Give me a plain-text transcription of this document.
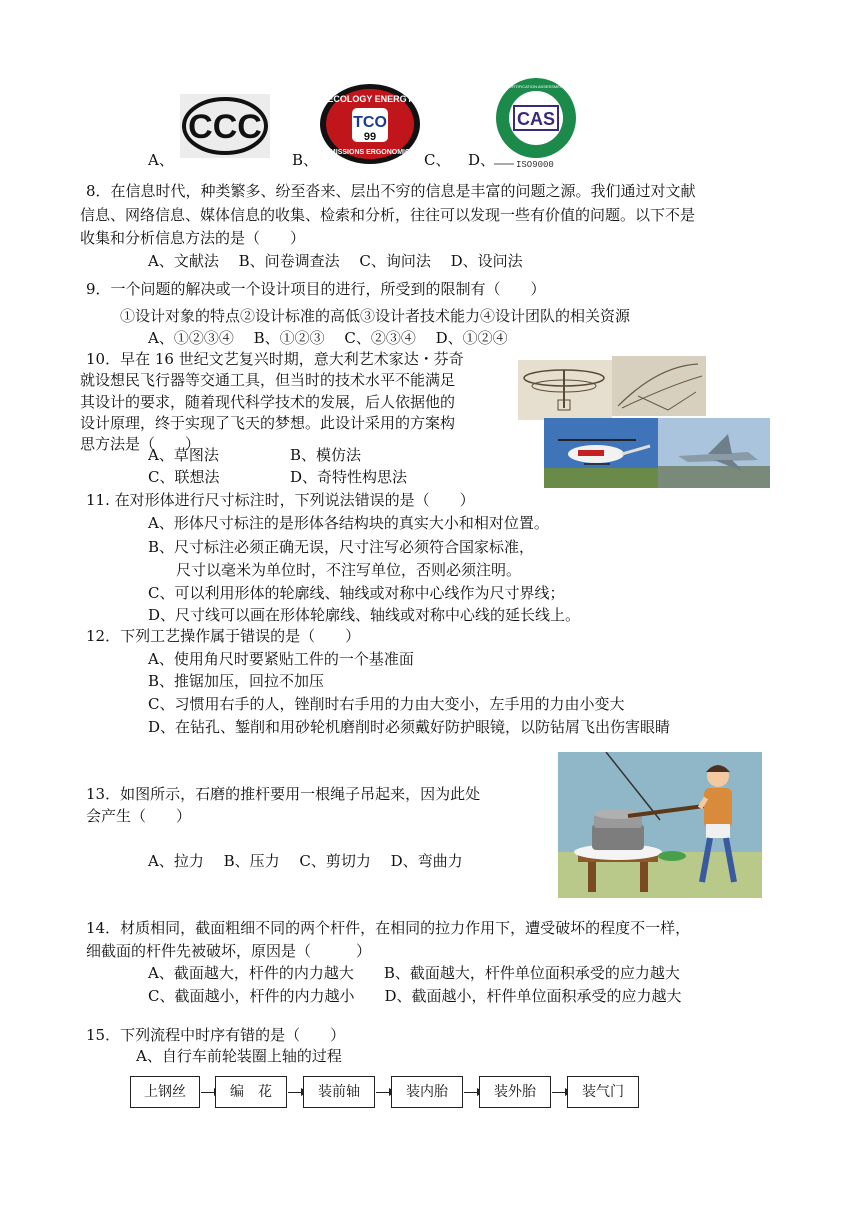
CCC
A、
TCO
99
ECOLOGY ENERGY
EMISSIONS ERGONOMICS
B、	C、
CAS
CHAMBER CERTIFICATION ASSESSMENT SERVICES
ISO9000
D、
8．在信息时代，种类繁多、纷至沓来、层出不穷的信息是丰富的问题之源。我们通过对文献
信息、网络信息、媒体信息的收集、检索和分析，往往可以发现一些有价值的问题。以下不是
收集和分析信息方法的是（　　）
A、文献法　 B、问卷调查法　 C、询问法　 D、设问法
9．一个问题的解决或一个设计项目的进行，所受到的限制有（　　）
①设计对象的特点②设计标准的高低③设计者技术能力④设计团队的相关资源
A、①②③④　 B、①②③　 C、②③④　 D、①②④
10．早在 16 世纪文艺复兴时期，意大利艺术家达・芬奇
就设想民飞行器等交通工具，但当时的技术水平不能满足
其设计的要求，随着现代科学技术的发展，后人依据他的
设计原理，终于实现了飞天的梦想。此设计采用的方案构
思方法是（　　）
A、草图法	B、模仿法
C、联想法	D、奇特性构思法
11. 在对形体进行尺寸标注时，下列说法错误的是（　　）
A、形体尺寸标注的是形体各结构块的真实大小和相对位置。
B、尺寸标注必须正确无误，尺寸注写必须符合国家标准，
尺寸以毫米为单位时，不注写单位，否则必须注明。
C、可以利用形体的轮廓线、轴线或对称中心线作为尺寸界线；
D、尺寸线可以画在形体轮廓线、轴线或对称中心线的延长线上。
12．下列工艺操作属于错误的是（　　）
A、使用角尺时要紧贴工件的一个基准面
B、推锯加压，回拉不加压
C、习惯用右手的人，锉削时右手用的力由大变小，左手用的力由小变大
D、在钻孔、錾削和用砂轮机磨削时必须戴好防护眼镜，以防钻屑飞出伤害眼睛
13．如图所示，石磨的推杆要用一根绳子吊起来，因为此处
会产生（　　）
A、拉力　 B、压力　 C、剪切力　 D、弯曲力
14．材质相同，截面粗细不同的两个杆件，在相同的拉力作用下，遭受破坏的程度不一样，
细截面的杆件先被破坏，原因是（　　　）
A、截面越大，杆件的内力越大　　B、截面越大，杆件单位面积承受的应力越大
C、截面越小，杆件的内力越小　　D、截面越小，杆件单位面积承受的应力越大
15．下列流程中时序有错的是（　　）
A、自行车前轮装圈上轴的过程
上钢丝	编　花	装前轴	装内胎	装外胎	装气门
